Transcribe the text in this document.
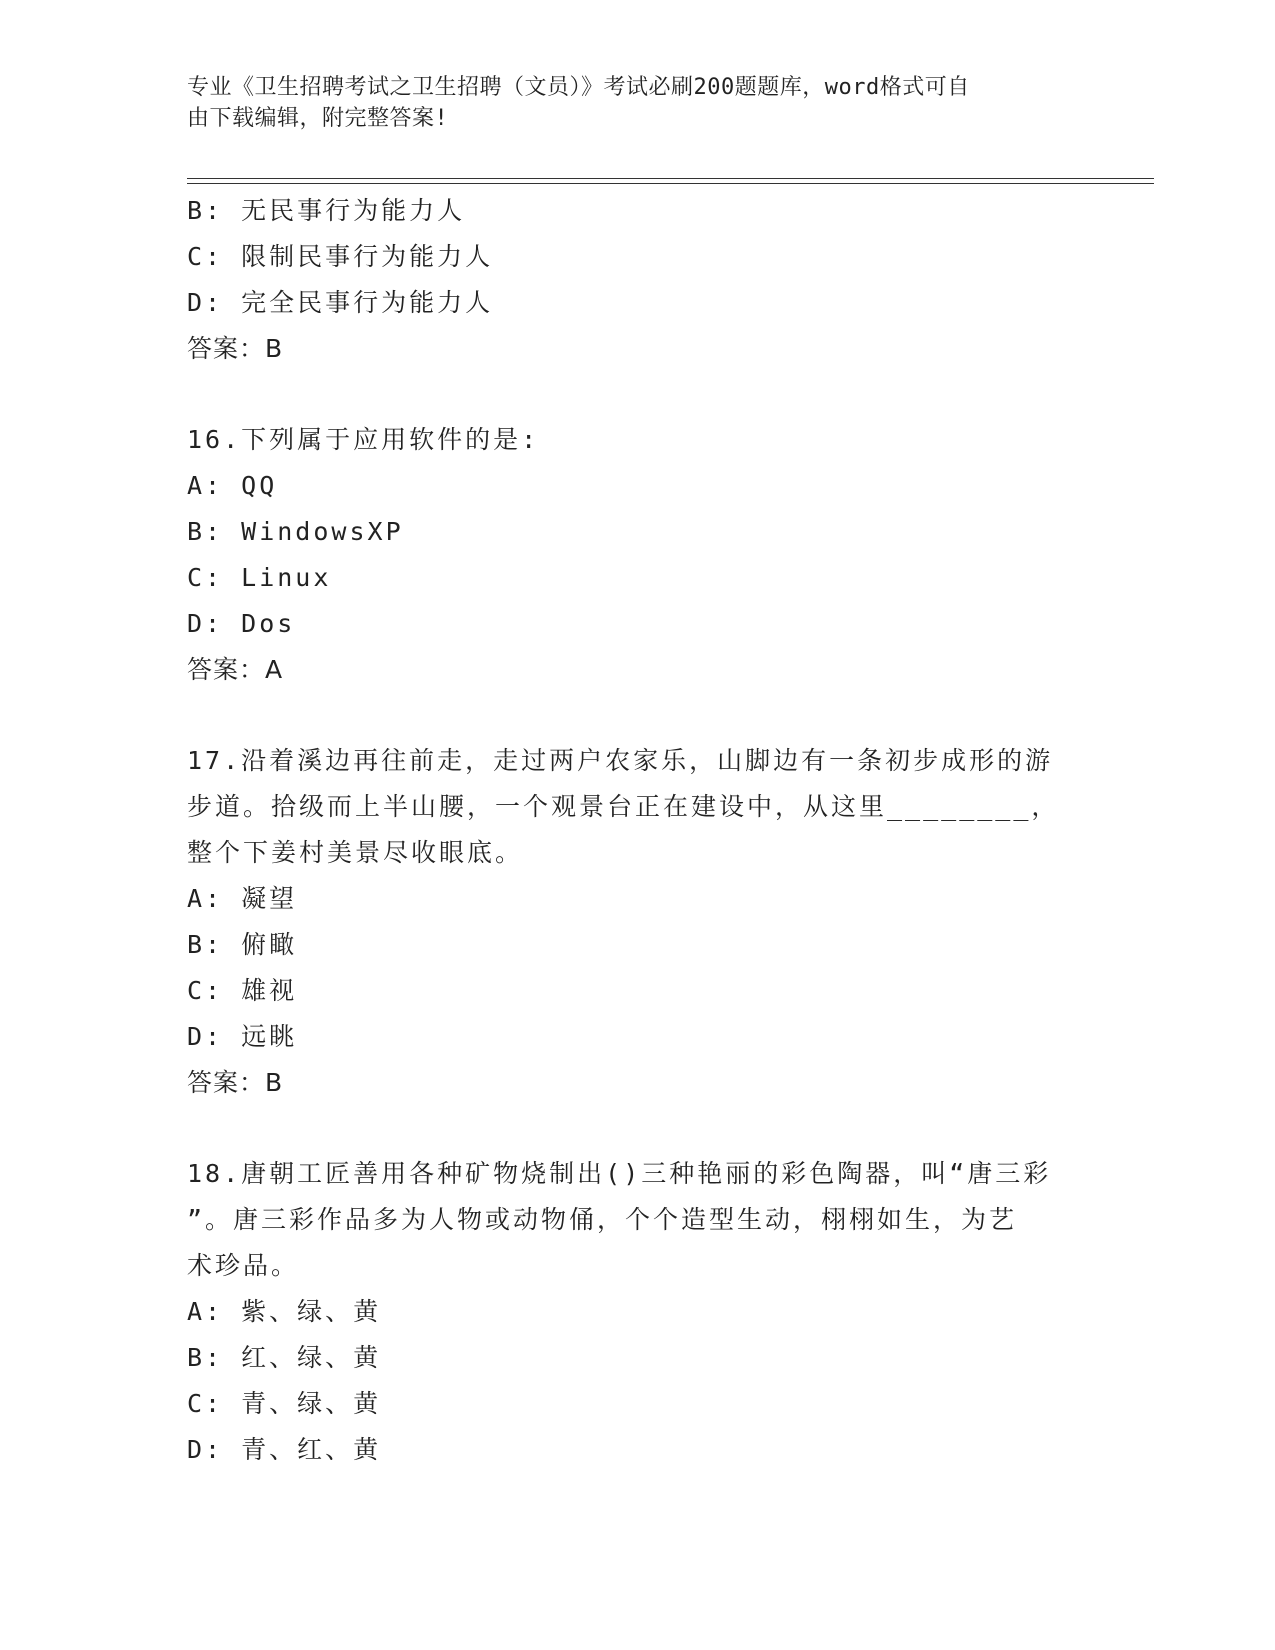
专业《卫生招聘考试之卫生招聘（文员）》考试必刷200题题库，word格式可自
由下载编辑，附完整答案!
B: 无民事行为能力人
C: 限制民事行为能力人
D: 完全民事行为能力人
答案：B
16.下列属于应用软件的是:
A: QQ
B: WindowsXP
C: Linux
D: Dos
答案：A
17.沿着溪边再往前走，走过两户农家乐，山脚边有一条初步成形的游
步道。拾级而上半山腰，一个观景台正在建设中，从这里________，
整个下姜村美景尽收眼底。
A: 凝望
B: 俯瞰
C: 雄视
D: 远眺
答案：B
18.唐朝工匠善用各种矿物烧制出()三种艳丽的彩色陶器，叫“唐三彩
”。唐三彩作品多为人物或动物俑，个个造型生动，栩栩如生，为艺
术珍品。
A: 紫、绿、黄
B: 红、绿、黄
C: 青、绿、黄
D: 青、红、黄
